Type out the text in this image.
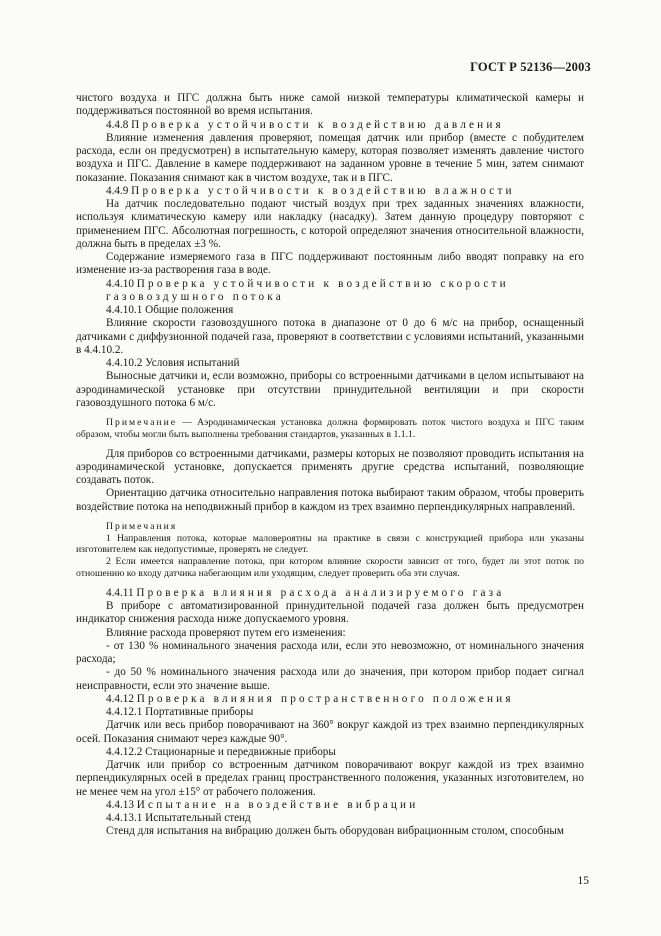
ГОСТ Р 52136—2003

чистого воздуха и ПГС должна быть ниже самой низкой температуры климатической камеры и поддерживаться постоянной во время испытания.

4.4.8 Проверка устойчивости к воздействию давления

Влияние изменения давления проверяют, помещая датчик или прибор (вместе с побудителем расхода, если он предусмотрен) в испытательную камеру, которая позволяет изменять давление чистого воздуха и ПГС. Давление в камере поддерживают на заданном уровне в течение 5 мин, затем снимают показание. Показания снимают как в чистом воздухе, так и в ПГС.

4.4.9 Проверка устойчивости к воздействию влажности

На датчик последовательно подают чистый воздух при трех заданных значениях влажности, используя климатическую камеру или накладку (насадку). Затем данную процедуру повторяют с применением ПГС. Абсолютная погрешность, с которой определяют значения относительной влажности, должна быть в пределах ±3 %.

Содержание измеряемого газа в ПГС поддерживают постоянным либо вводят поправку на его изменение из-за растворения газа в воде.

4.4.10 Проверка устойчивости к воздействию скорости газовоздушного потока

4.4.10.1 Общие положения

Влияние скорости газовоздушного потока в диапазоне от 0 до 6 м/с на прибор, оснащенный датчиками с диффузионной подачей газа, проверяют в соответствии с условиями испытаний, указанными в 4.4.10.2.

4.4.10.2 Условия испытаний

Выносные датчики и, если возможно, приборы со встроенными датчиками в целом испытывают на аэродинамической установке при отсутствии принудительной вентиляции и при скорости газовоздушного потока 6 м/с.

Примечание — Аэродинамическая установка должна формировать поток чистого воздуха и ПГС таким образом, чтобы могли быть выполнены требования стандартов, указанных в 1.1.1.

Для приборов со встроенными датчиками, размеры которых не позволяют проводить испытания на аэродинамической установке, допускается применять другие средства испытаний, позволяющие создавать поток.

Ориентацию датчика относительно направления потока выбирают таким образом, чтобы проверить воздействие потока на неподвижный прибор в каждом из трех взаимно перпендикулярных направлений.

Примечания

1 Направления потока, которые маловероятны на практике в связи с конструкцией прибора или указаны изготовителем как недопустимые, проверять не следует.

2 Если имеется направление потока, при котором влияние скорости зависит от того, будет ли этот поток по отношению ко входу датчика набегающим или уходящим, следует проверить оба эти случая.

4.4.11 Проверка влияния расхода анализируемого газа

В приборе с автоматизированной принудительной подачей газа должен быть предусмотрен индикатор снижения расхода ниже допускаемого уровня.

Влияние расхода проверяют путем его изменения:

- от 130 % номинального значения расхода или, если это невозможно, от номинального значения расхода;

- до 50 % номинального значения расхода или до значения, при котором прибор подает сигнал неисправности, если это значение выше.

4.4.12 Проверка влияния пространственного положения

4.4.12.1 Портативные приборы

Датчик или весь прибор поворачивают на 360° вокруг каждой из трех взаимно перпендикулярных осей. Показания снимают через каждые 90°.

4.4.12.2 Стационарные и передвижные приборы

Датчик или прибор со встроенным датчиком поворачивают вокруг каждой из трех взаимно перпендикулярных осей в пределах границ пространственного положения, указанных изготовителем, но не менее чем на угол ±15° от рабочего положения.

4.4.13 Испытание на воздействие вибрации

4.4.13.1 Испытательный стенд

Стенд для испытания на вибрацию должен быть оборудован вибрационным столом, способным

15
